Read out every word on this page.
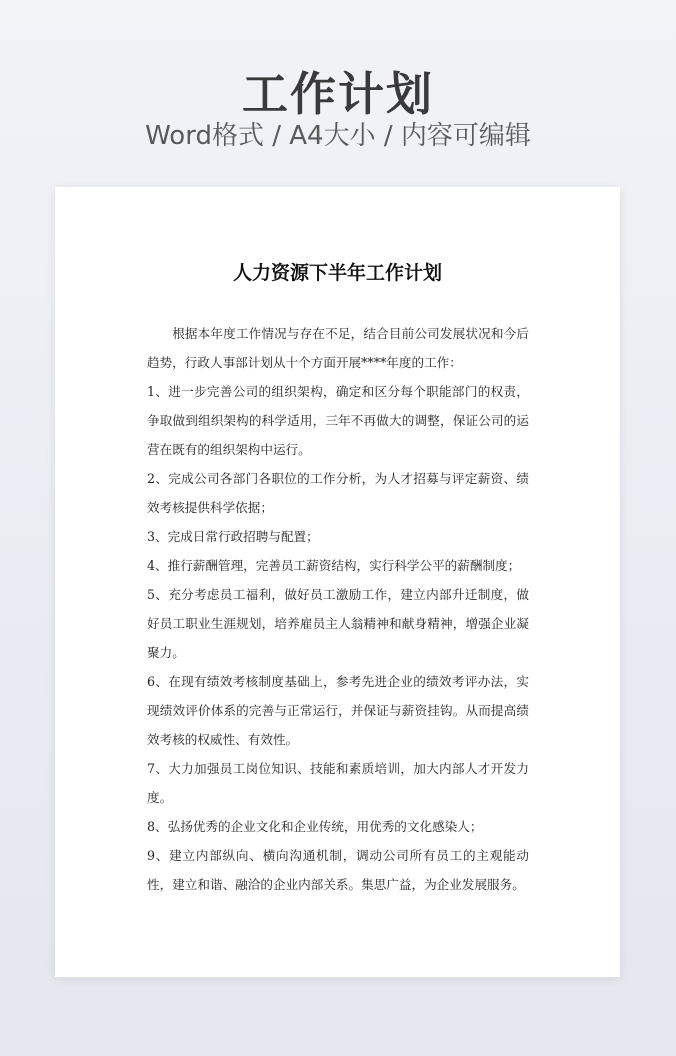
工作计划
Word格式 / A4大小 / 内容可编辑
人力资源下半年工作计划

根据本年度工作情况与存在不足，结合目前公司发展状况和今后趋势，行政人事部计划从十个方面开展****年度的工作：

1、进一步完善公司的组织架构，确定和区分每个职能部门的权责，争取做到组织架构的科学适用，三年不再做大的调整，保证公司的运营在既有的组织架构中运行。

2、完成公司各部门各职位的工作分析，为人才招募与评定薪资、绩效考核提供科学依据；

3、完成日常行政招聘与配置；

4、推行薪酬管理，完善员工薪资结构，实行科学公平的薪酬制度；

5、充分考虑员工福利，做好员工激励工作，建立内部升迁制度，做好员工职业生涯规划，培养雇员主人翁精神和献身精神，增强企业凝聚力。

6、在现有绩效考核制度基础上，参考先进企业的绩效考评办法，实现绩效评价体系的完善与正常运行，并保证与薪资挂钩。从而提高绩效考核的权威性、有效性。

7、大力加强员工岗位知识、技能和素质培训，加大内部人才开发力度。

8、弘扬优秀的企业文化和企业传统，用优秀的文化感染人；

9、建立内部纵向、横向沟通机制，调动公司所有员工的主观能动性，建立和谐、融洽的企业内部关系。集思广益，为企业发展服务。
